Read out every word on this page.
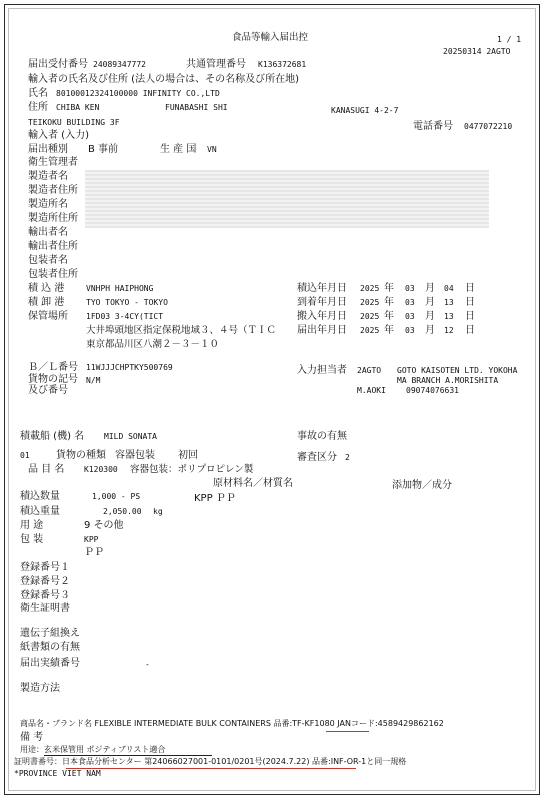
食品等輸入届出控	1 / 1
20250314 2AGTO
届出受付番号 24089347772	共通管理番号 K136372681
輸入者の氏名及び住所 (法人の場合は、その名称及び所在地)
氏名 80100012324100000 INFINITY CO.,LTD
住所 CHIBA KEN	FUNABASHI SHI	KANASUGI 4-2-7
TEIKOKU BUILDING 3F	電話番号 0477072210
輸入者 (入力)
届出種別 B 事前	生 産 国 VN
衛生管理者
製造者名
製造者住所
製造所名
製造所住所
輸出者名
輸出者住所
包装者名
包装者住所
積 込 港	VNHPH HAIPHONG
積 卸 港	TYO TOKYO - TOKYO
保管場所 1FD03 3-4CY(TICT
大井埠頭地区指定保税地域３、４号（ＴＩＣ
東京都品川区八潮２－３－１０
積込年月日 2025 年 03 月 04 日
到着年月日 2025 年 03 月 13 日
搬入年月日 2025 年 03 月 13 日
届出年月日 2025 年 03 月 12 日
Ｂ／Ｌ番号 11WJJJCHPTKY500769
貨物の記号 N/M
及び番号
入力担当者 2AGTO GOTO KAISOTEN LTD. YOKOHA
MA BRANCH A.MORISHITA
M.AOKI	09074076631
積載船 (機) 名 MILD SONATA	事故の有無
01	貨物の種類 容器包装 初回	審査区分 2
品 目 名 K120300 容器包装：ポリプロピレン製
原材料名／材質名	添加物／成分
積込数量	1,000 - PS	KPP ＰＰ
積込重量	2,050.00 kg
用 途	9 その他
包 装	KPP
ＰＰ
登録番号１
登録番号２
登録番号３
衛生証明書
遺伝子組換え
紙書類の有無
届出実績番号	-
製造方法
商品名・ブランド名 FLEXIBLE INTERMEDIATE BULK CONTAINERS 品番:TF-KF1080 JANコード:4589429862162
備 考
用途：玄米保管用 ポジティブリスト適合
証明書番号：日本食品分析センター 第24066027001-0101/0201号(2024.7.22) 品番:INF-OR-1と同一規格
*PROVINCE VIET NAM
